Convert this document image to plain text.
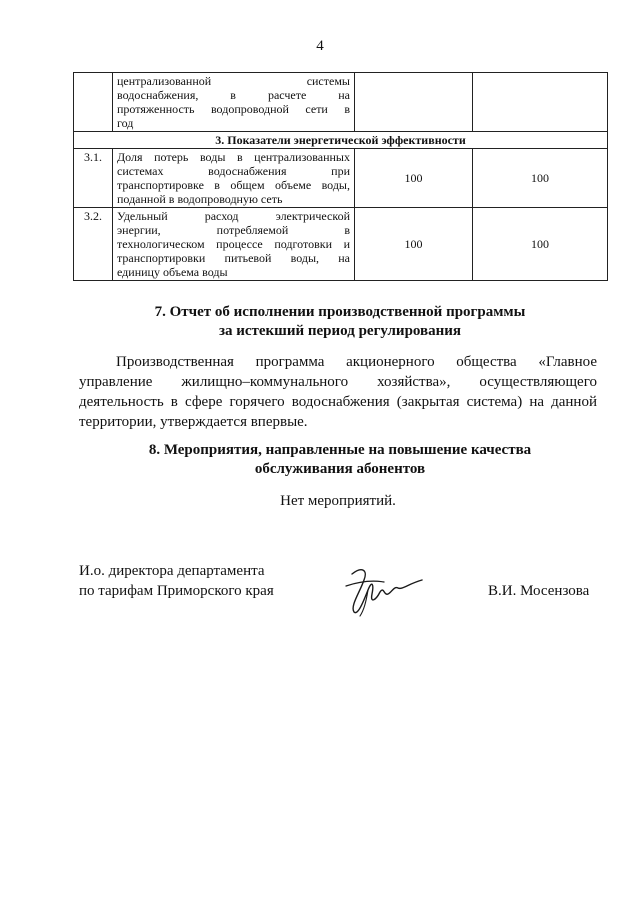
4
	централизованной системы
водоснабжения, в расчете на
протяженность водопроводной сети в
год		

3. Показатели энергетической эффективности			
3.1.	Доля потерь воды в централизованных
системах водоснабжения при
транспортировке в общем объеме воды,
поданной в водопроводную сеть	100	100
3.2.	Удельный расход электрической
энергии, потребляемой в
технологическом процессе подготовки и
транспортировки питьевой воды, на
единицу объема воды	100	100
7. Отчет об исполнении производственной программы
за истекший период регулирования
Производственная программа акционерного общества «Главное управление жилищно–коммунального хозяйства», осуществляющего деятельность в сфере горячего водоснабжения (закрытая система) на данной территории, утверждается впервые.
8. Мероприятия, направленные на повышение качества
обслуживания абонентов
Нет мероприятий.
И.о. директора департамента
по тарифам Приморского края	В.И. Мосензова
